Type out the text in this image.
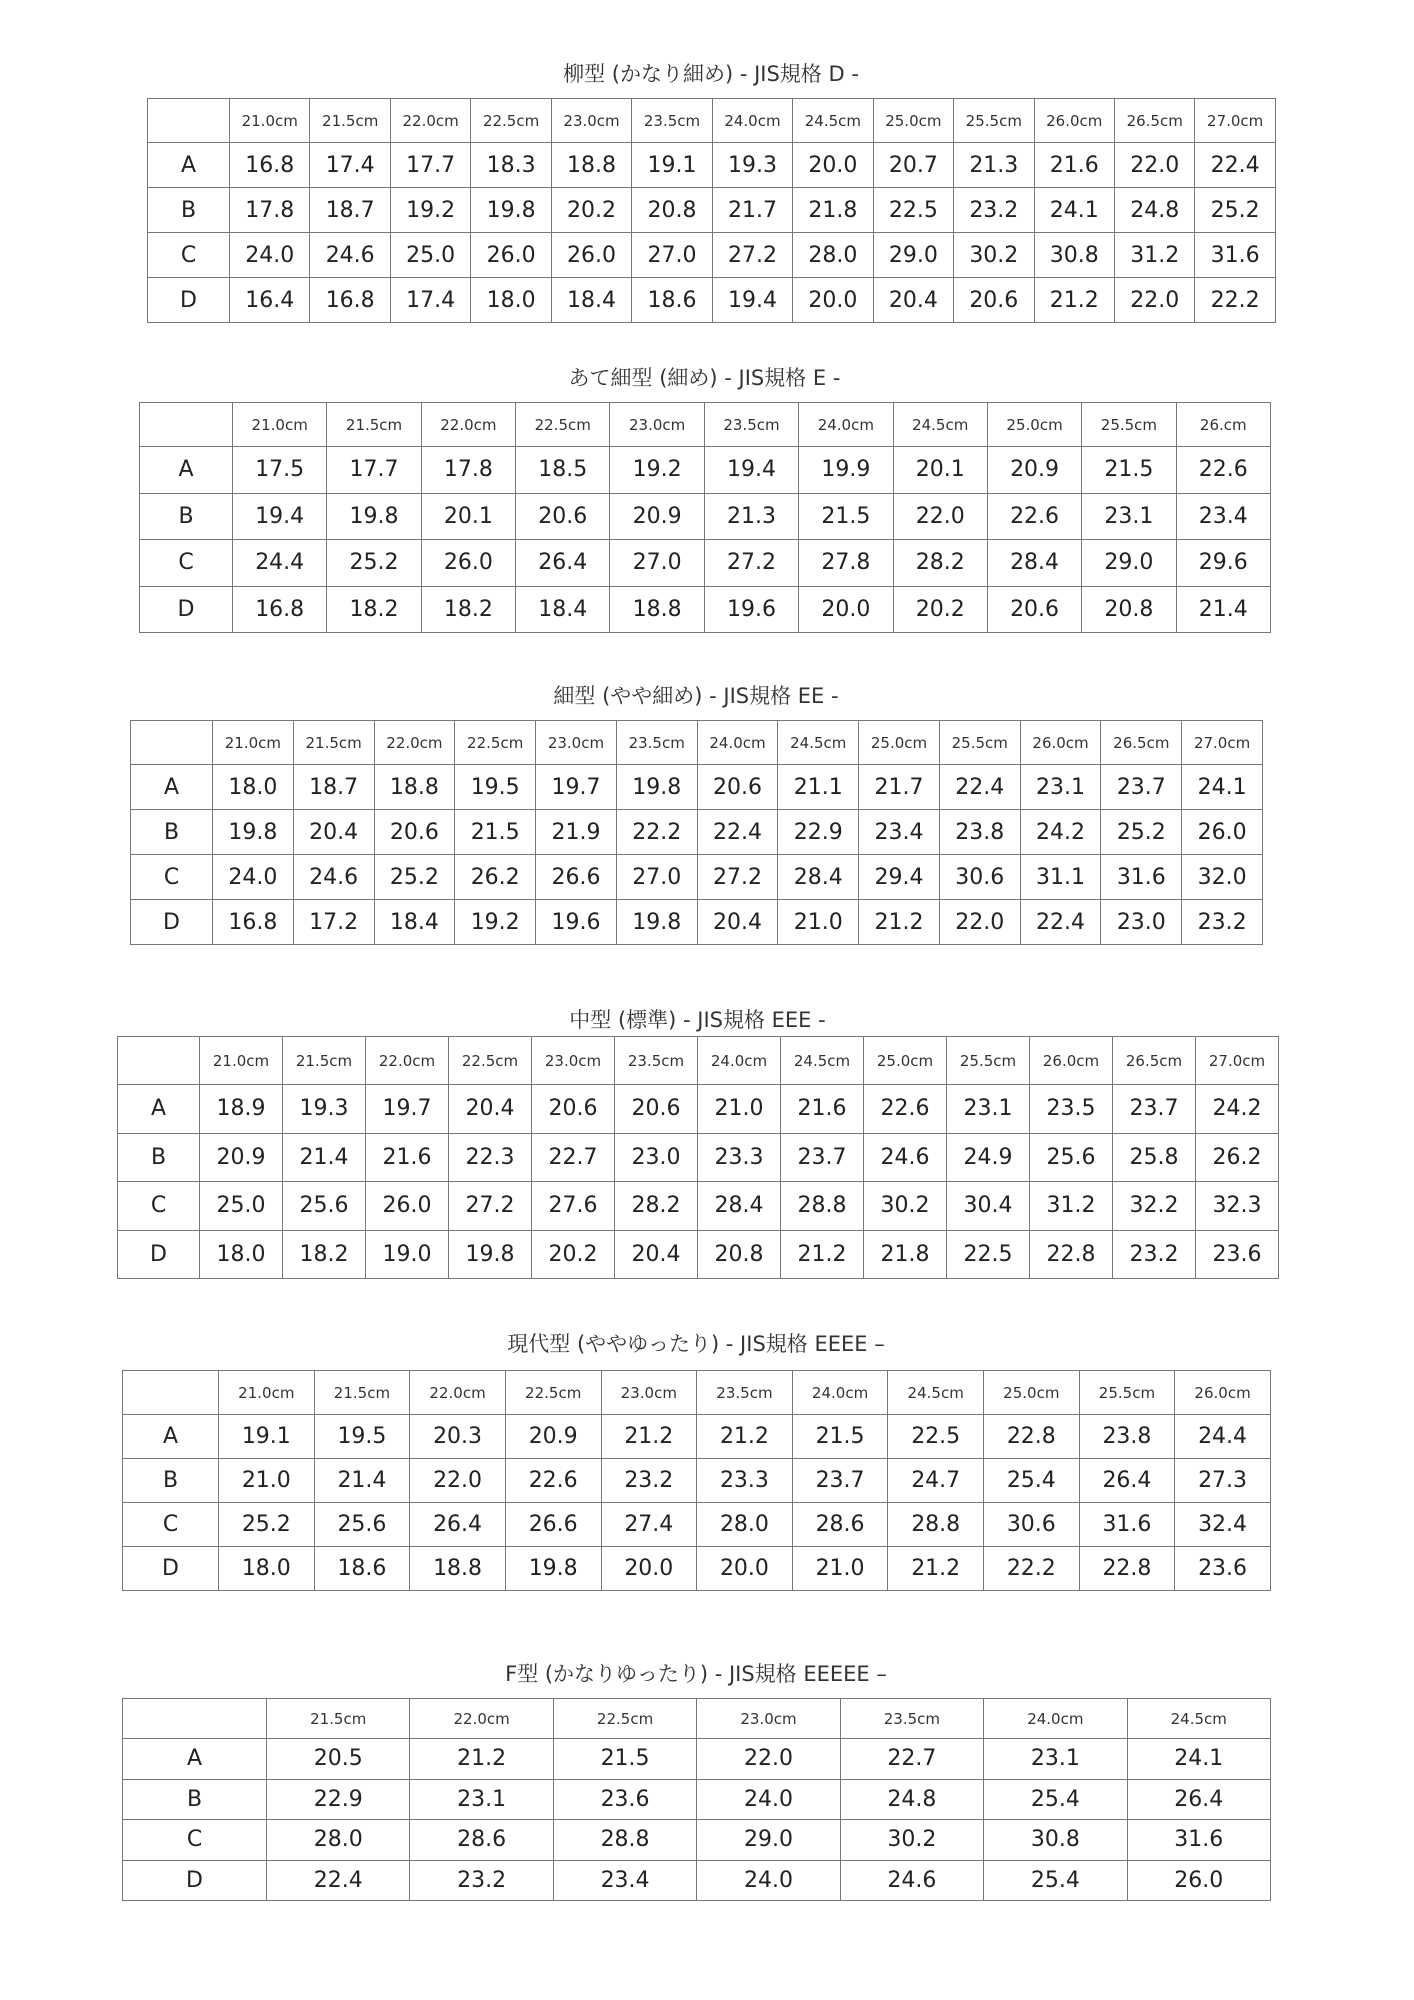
柳型 (かなり細め) - JIS規格 D -
	21.0cm	21.5cm	22.0cm	22.5cm	23.0cm	23.5cm	24.0cm	24.5cm	25.0cm	25.5cm	26.0cm	26.5cm	27.0cm
A	16.8	17.4	17.7	18.3	18.8	19.1	19.3	20.0	20.7	21.3	21.6	22.0	22.4
B	17.8	18.7	19.2	19.8	20.2	20.8	21.7	21.8	22.5	23.2	24.1	24.8	25.2
C	24.0	24.6	25.0	26.0	26.0	27.0	27.2	28.0	29.0	30.2	30.8	31.2	31.6
D	16.4	16.8	17.4	18.0	18.4	18.6	19.4	20.0	20.4	20.6	21.2	22.0	22.2
あて細型 (細め) - JIS規格 E -
	21.0cm	21.5cm	22.0cm	22.5cm	23.0cm	23.5cm	24.0cm	24.5cm	25.0cm	25.5cm	26.cm
A	17.5	17.7	17.8	18.5	19.2	19.4	19.9	20.1	20.9	21.5	22.6
B	19.4	19.8	20.1	20.6	20.9	21.3	21.5	22.0	22.6	23.1	23.4
C	24.4	25.2	26.0	26.4	27.0	27.2	27.8	28.2	28.4	29.0	29.6
D	16.8	18.2	18.2	18.4	18.8	19.6	20.0	20.2	20.6	20.8	21.4
細型 (やや細め) - JIS規格 EE -
	21.0cm	21.5cm	22.0cm	22.5cm	23.0cm	23.5cm	24.0cm	24.5cm	25.0cm	25.5cm	26.0cm	26.5cm	27.0cm
A	18.0	18.7	18.8	19.5	19.7	19.8	20.6	21.1	21.7	22.4	23.1	23.7	24.1
B	19.8	20.4	20.6	21.5	21.9	22.2	22.4	22.9	23.4	23.8	24.2	25.2	26.0
C	24.0	24.6	25.2	26.2	26.6	27.0	27.2	28.4	29.4	30.6	31.1	31.6	32.0
D	16.8	17.2	18.4	19.2	19.6	19.8	20.4	21.0	21.2	22.0	22.4	23.0	23.2
中型 (標準) - JIS規格 EEE -
	21.0cm	21.5cm	22.0cm	22.5cm	23.0cm	23.5cm	24.0cm	24.5cm	25.0cm	25.5cm	26.0cm	26.5cm	27.0cm
A	18.9	19.3	19.7	20.4	20.6	20.6	21.0	21.6	22.6	23.1	23.5	23.7	24.2
B	20.9	21.4	21.6	22.3	22.7	23.0	23.3	23.7	24.6	24.9	25.6	25.8	26.2
C	25.0	25.6	26.0	27.2	27.6	28.2	28.4	28.8	30.2	30.4	31.2	32.2	32.3
D	18.0	18.2	19.0	19.8	20.2	20.4	20.8	21.2	21.8	22.5	22.8	23.2	23.6
現代型 (ややゆったり) - JIS規格 EEEE –
	21.0cm	21.5cm	22.0cm	22.5cm	23.0cm	23.5cm	24.0cm	24.5cm	25.0cm	25.5cm	26.0cm
A	19.1	19.5	20.3	20.9	21.2	21.2	21.5	22.5	22.8	23.8	24.4
B	21.0	21.4	22.0	22.6	23.2	23.3	23.7	24.7	25.4	26.4	27.3
C	25.2	25.6	26.4	26.6	27.4	28.0	28.6	28.8	30.6	31.6	32.4
D	18.0	18.6	18.8	19.8	20.0	20.0	21.0	21.2	22.2	22.8	23.6
F型 (かなりゆったり) - JIS規格 EEEEE –
	21.5cm	22.0cm	22.5cm	23.0cm	23.5cm	24.0cm	24.5cm
A	20.5	21.2	21.5	22.0	22.7	23.1	24.1
B	22.9	23.1	23.6	24.0	24.8	25.4	26.4
C	28.0	28.6	28.8	29.0	30.2	30.8	31.6
D	22.4	23.2	23.4	24.0	24.6	25.4	26.0
